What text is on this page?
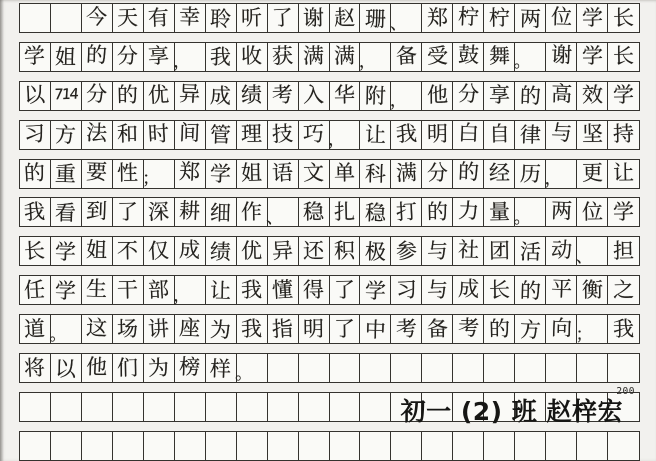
今 天 有 幸 聆 听 了 谢 赵 珊 、 郑 柠 柠 两 位 学 长
学 姐 的 分 享 ， 我 收 获 满 满 ， 备 受 鼓 舞 。 谢 学 长
以 714 分 的 优 异 成 绩 考 入 华 附 ， 他 分 享 的 高 效 学
习 方 法 和 时 间 管 理 技 巧 ， 让 我 明 白 自 律 与 坚 持
的 重 要 性 ； 郑 学 姐 语 文 单 科 满 分 的 经 历 ， 更 让
我 看 到 了 深 耕 细 作 、 稳 扎 稳 打 的 力 量 。 两 位 学
长 学 姐 不 仅 成 绩 优 异 还 积 极 参 与 社 团 活 动 、 担
任 学 生 干 部 ， 让 我 懂 得 了 学 习 与 成 长 的 平 衡 之
道 。 这 场 讲 座 为 我 指 明 了 中 考 备 考 的 方 向 ； 我
将 以 他 们 为 榜 样 。
200
初一 (2) 班 赵梓宏
